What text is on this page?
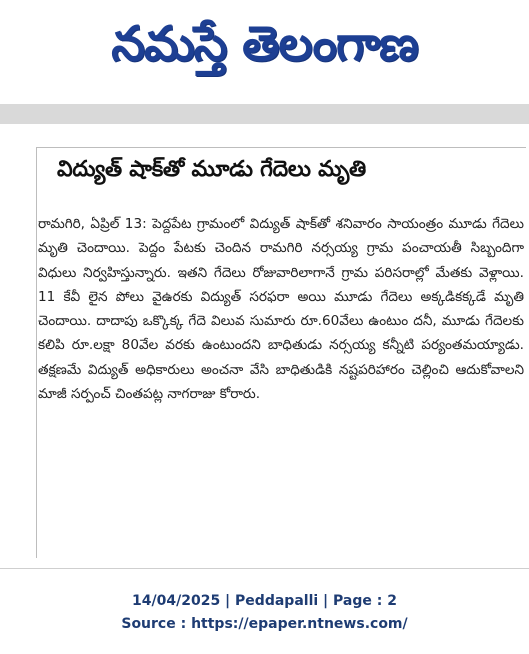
నమస్తే తెలంగాణ
విద్యుత్ షాక్‌తో మూడు గేదెలు మృతి
రామగిరి, ఏప్రిల్ 13: పెద్దపేట గ్రామంలో విద్యుత్ షాక్‌తో శనివారం సాయంత్రం మూడు గేదెలు మృతి చెందాయి. పెద్దం పేటకు చెందిన రామగిరి నర్సయ్య గ్రామ పంచాయతీ సిబ్బందిగా విధులు నిర్వహిస్తున్నారు. ఇతని గేదెలు రోజువారిలాగానే గ్రామ పరిసరాల్లో మేతకు వెళ్లాయి. 11 కేవీ లైన పోలు వైఉరకు విద్యుత్ సరఫరా అయి మూడు గేదెలు అక్కడికక్కడే మృతి చెందాయి. దాదాపు ఒక్కొక్క గేదె విలువ సుమారు రూ.60వేలు ఉంటుం దనీ, మూడు గేదెలకు కలిపి రూ.లక్షా 80వేల వరకు ఉంటుందని బాధితుడు నర్సయ్య కన్నీటి పర్యంతమయ్యాడు. తక్షణమే విద్యుత్ అధికారులు అంచనా వేసి బాధితుడికి నష్టపరిహారం చెల్లించి ఆదుకోవాలని మాజీ సర్పంచ్ చింతపట్ల నాగరాజు కోరారు.
14/04/2025 | Peddapalli | Page : 2
Source : https://epaper.ntnews.com/
